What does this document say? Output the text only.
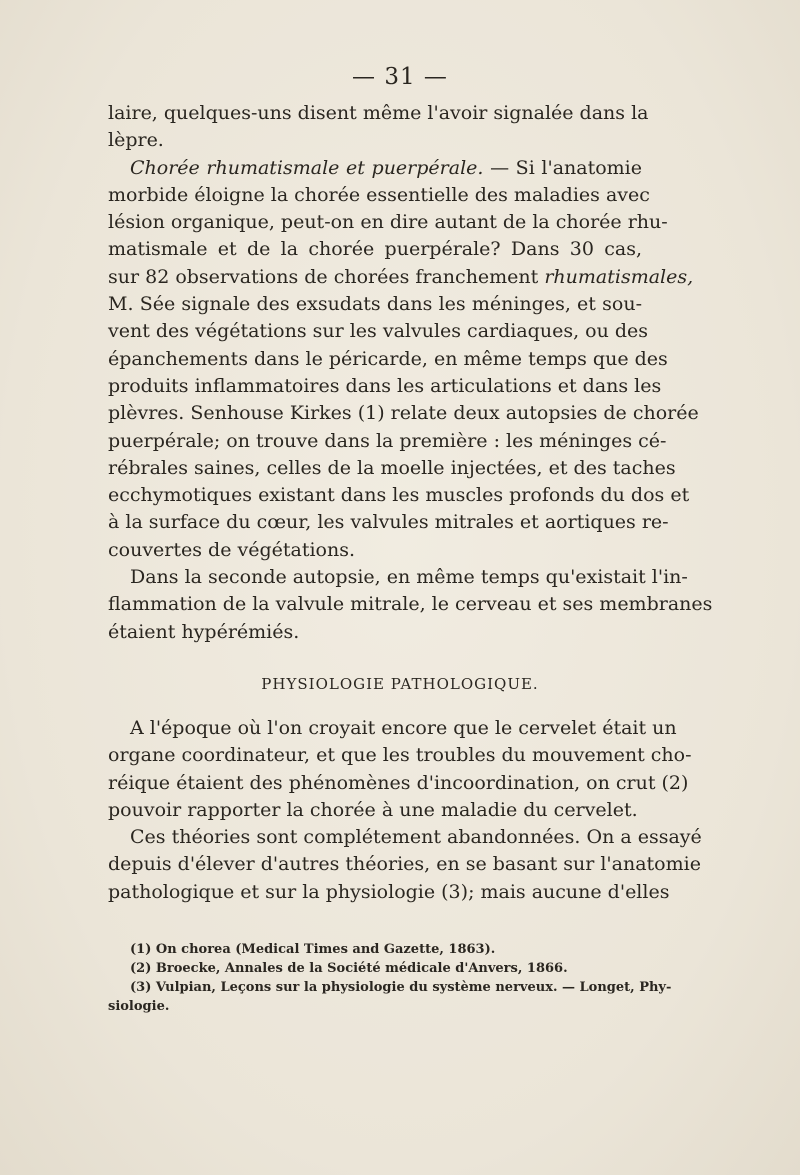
— 31 —
laire, quelques-uns disent même l'avoir signalée dans la
lèpre.
Chorée rhumatismale et puerpérale. — Si l'anatomie
morbide éloigne la chorée essentielle des maladies avec
lésion organique, peut-on en dire autant de la chorée rhu-
matismale et de la chorée puerpérale? Dans 30 cas,
sur 82 observations de chorées franchement rhumatismales,
M. Sée signale des exsudats dans les méninges, et sou-
vent des végétations sur les valvules cardiaques, ou des
épanchements dans le péricarde, en même temps que des
produits inflammatoires dans les articulations et dans les
plèvres. Senhouse Kirkes (1) relate deux autopsies de chorée
puerpérale; on trouve dans la première : les méninges cé-
rébrales saines, celles de la moelle injectées, et des taches
ecchymotiques existant dans les muscles profonds du dos et
à la surface du cœur, les valvules mitrales et aortiques re-
couvertes de végétations.
Dans la seconde autopsie, en même temps qu'existait l'in-
flammation de la valvule mitrale, le cerveau et ses membranes
étaient hypérémiés.
PHYSIOLOGIE PATHOLOGIQUE.
A l'époque où l'on croyait encore que le cervelet était un
organe coordinateur, et que les troubles du mouvement cho-
réique étaient des phénomènes d'incoordination, on crut (2)
pouvoir rapporter la chorée à une maladie du cervelet.
Ces théories sont complétement abandonnées. On a essayé
depuis d'élever d'autres théories, en se basant sur l'anatomie
pathologique et sur la physiologie (3); mais aucune d'elles
(1) On chorea (Medical Times and Gazette, 1863).
(2) Broecke, Annales de la Société médicale d'Anvers, 1866.
(3) Vulpian, Leçons sur la physiologie du système nerveux. — Longet, Phy-
siologie.
